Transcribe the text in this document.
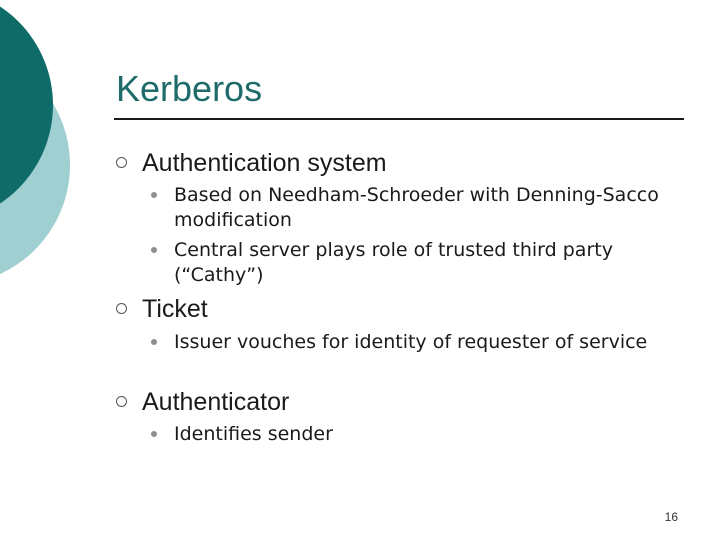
Kerberos
Authentication system
Based on Needham-Schroeder with Denning-Sacco modification
Central server plays role of trusted third party (“Cathy”)
Ticket
Issuer vouches for identity of requester of service
Authenticator
Identifies sender
16
